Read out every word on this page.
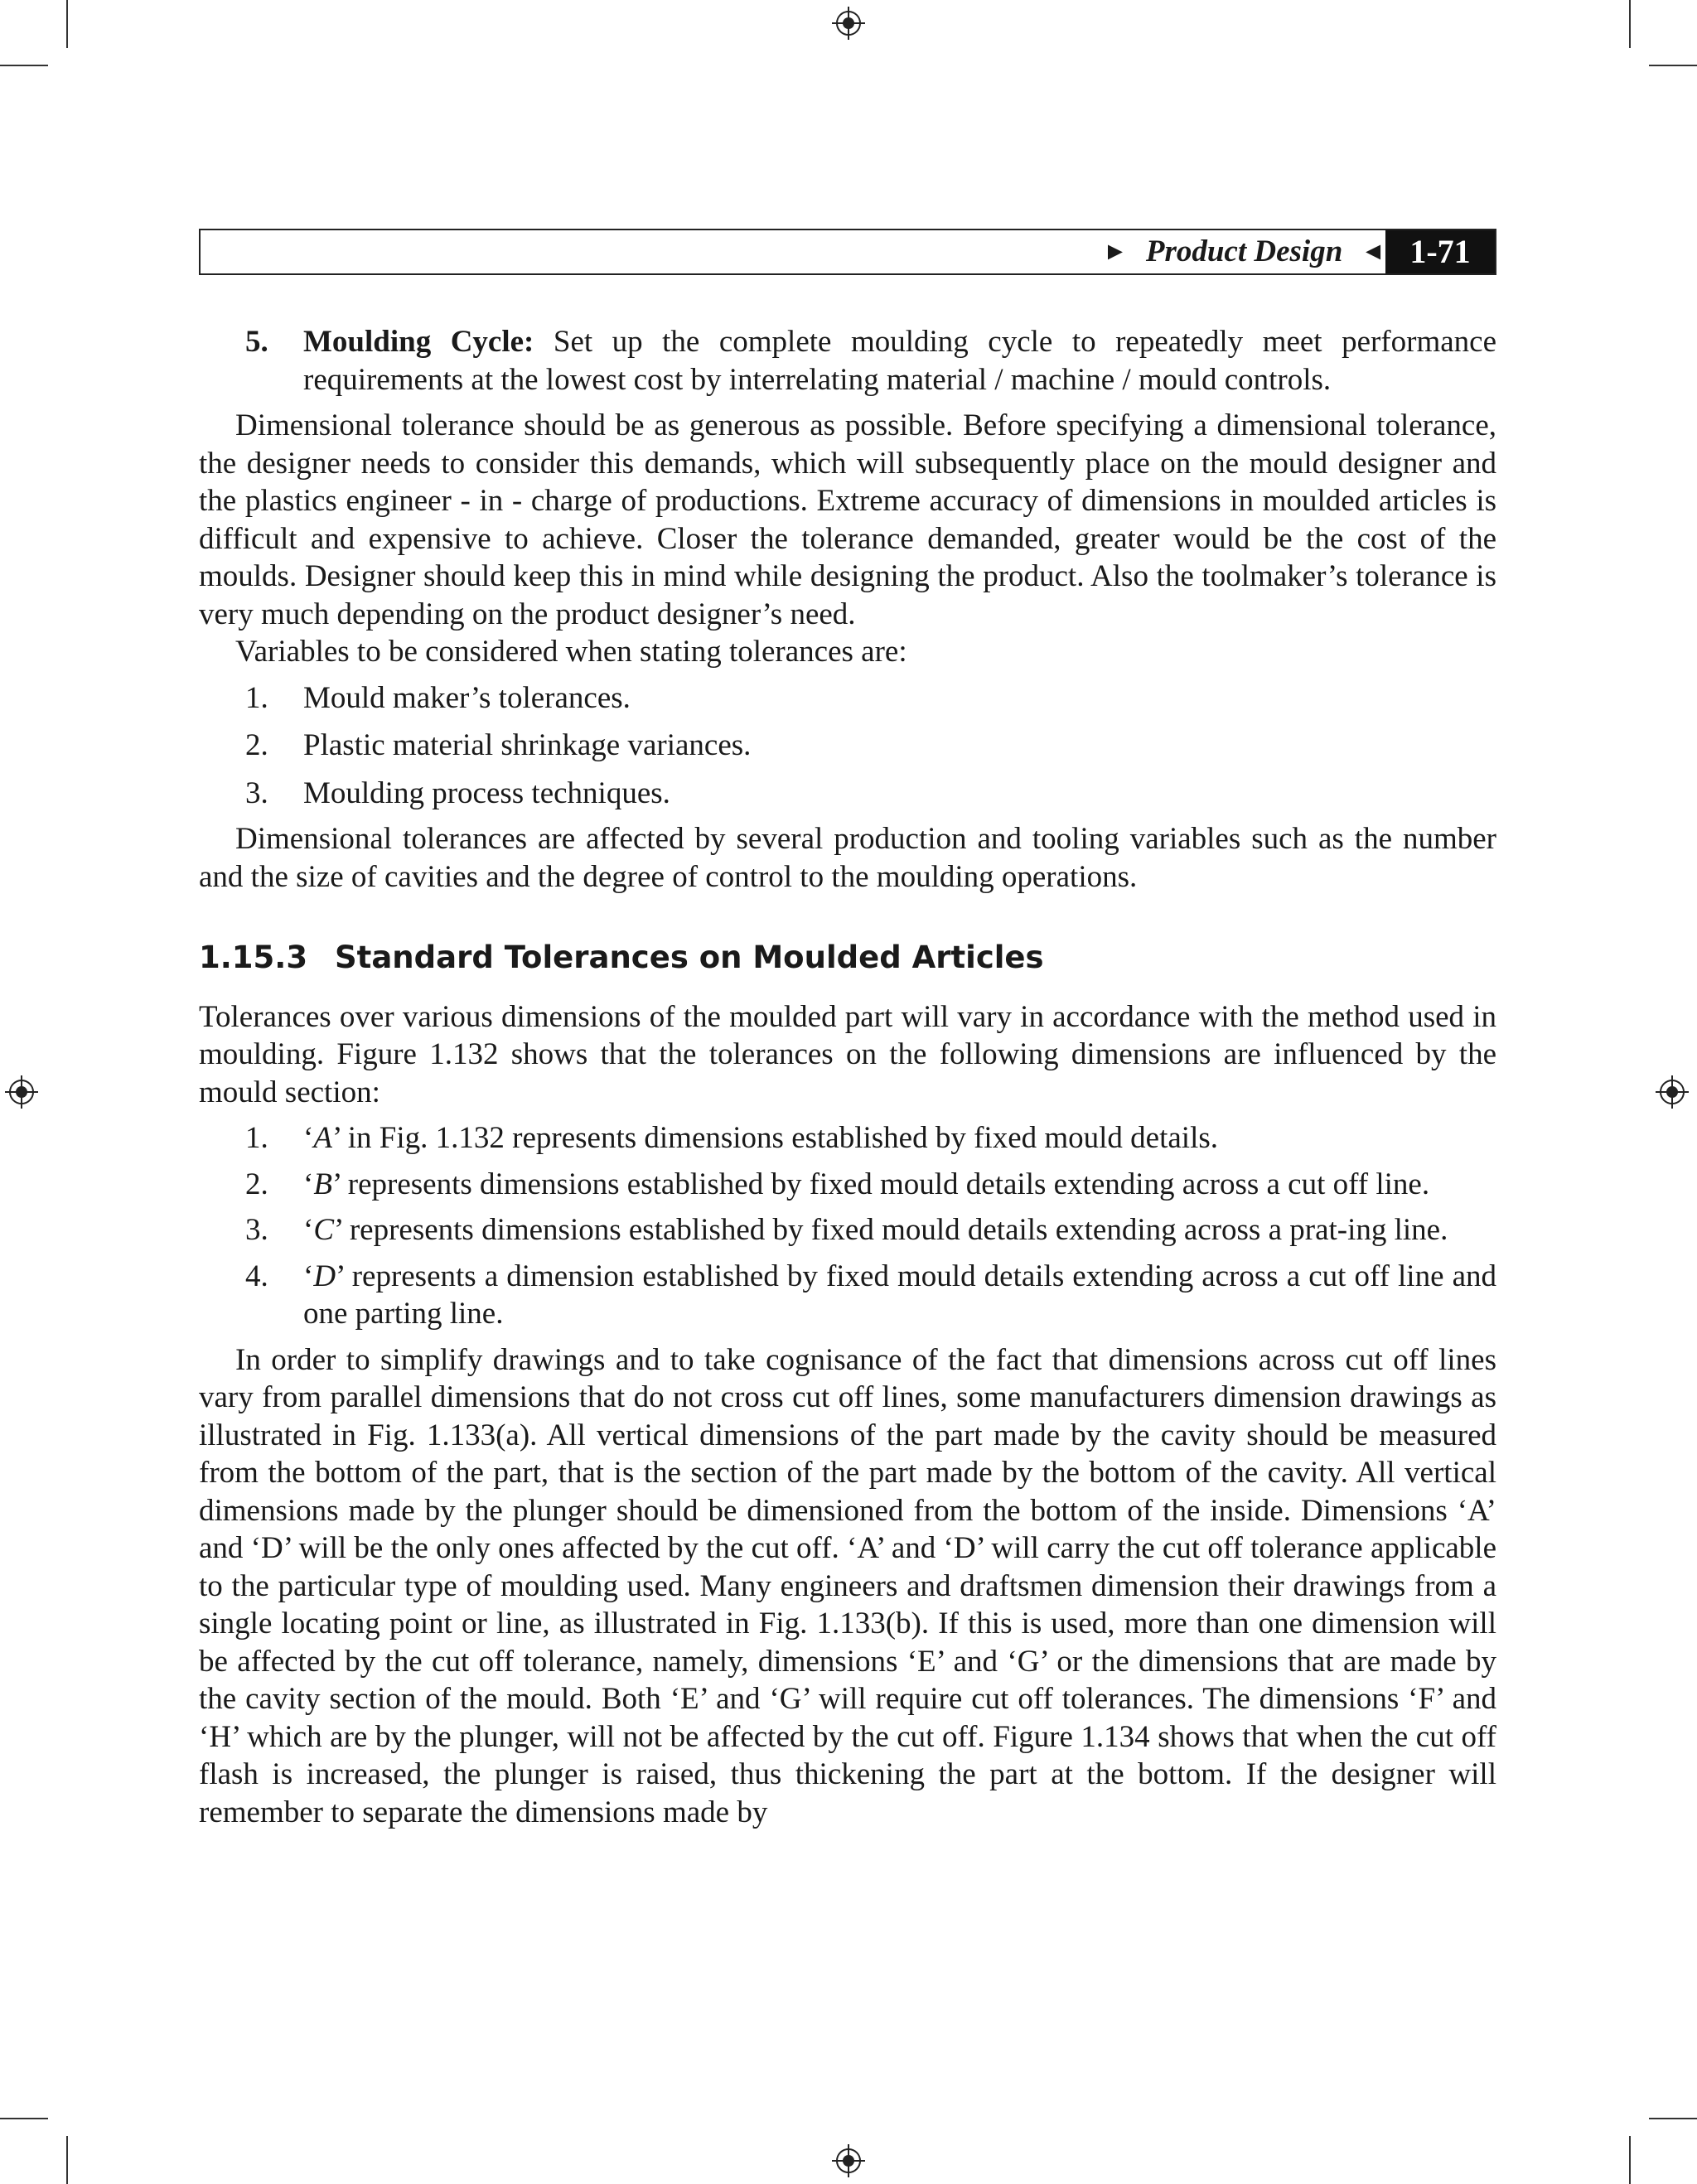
► Product Design ◄ 1-71
5.	Moulding Cycle: Set up the complete moulding cycle to repeatedly meet performance requirements at the lowest cost by interrelating material / machine / mould controls.

Dimensional tolerance should be as generous as possible. Before specifying a dimensional tolerance, the designer needs to consider this demands, which will subsequently place on the mould designer and the plastics engineer - in - charge of productions. Extreme accuracy of dimensions in moulded articles is difficult and expensive to achieve. Closer the tolerance demanded, greater would be the cost of the moulds. Designer should keep this in mind while designing the product. Also the toolmaker’s tolerance is very much depending on the product designer’s need.

Variables to be considered when stating tolerances are:

1.	Mould maker’s tolerances.
2.	Plastic material shrinkage variances.
3.	Moulding process techniques.

Dimensional tolerances are affected by several production and tooling variables such as the number and the size of cavities and the degree of control to the moulding operations.

1.15.3 Standard Tolerances on Moulded Articles

Tolerances over various dimensions of the moulded part will vary in accordance with the method used in moulding. Figure 1.132 shows that the tolerances on the following dimensions are influenced by the mould section:

1.	‘A’ in Fig. 1.132 represents dimensions established by fixed mould details.
2.	‘B’ represents dimensions established by fixed mould details extending across a cut off line.
3.	‘C’ represents dimensions established by fixed mould details extending across a prat-ing line.
4.	‘D’ represents a dimension established by fixed mould details extending across a cut off line and one parting line.

In order to simplify drawings and to take cognisance of the fact that dimensions across cut off lines vary from parallel dimensions that do not cross cut off lines, some manufacturers dimension drawings as illustrated in Fig. 1.133(a). All vertical dimensions of the part made by the cavity should be measured from the bottom of the part, that is the section of the part made by the bottom of the cavity. All vertical dimensions made by the plunger should be dimensioned from the bottom of the inside. Dimensions ‘A’ and ‘D’ will be the only ones affected by the cut off. ‘A’ and ‘D’ will carry the cut off tolerance applicable to the particular type of moulding used. Many engineers and draftsmen dimension their drawings from a single locating point or line, as illustrated in Fig. 1.133(b). If this is used, more than one dimension will be affected by the cut off tolerance, namely, dimensions ‘E’ and ‘G’ or the dimensions that are made by the cavity section of the mould. Both ‘E’ and ‘G’ will require cut off tolerances. The dimensions ‘F’ and ‘H’ which are by the plunger, will not be affected by the cut off. Figure 1.134 shows that when the cut off flash is increased, the plunger is raised, thus thickening the part at the bottom. If the designer will remember to separate the dimensions made by
